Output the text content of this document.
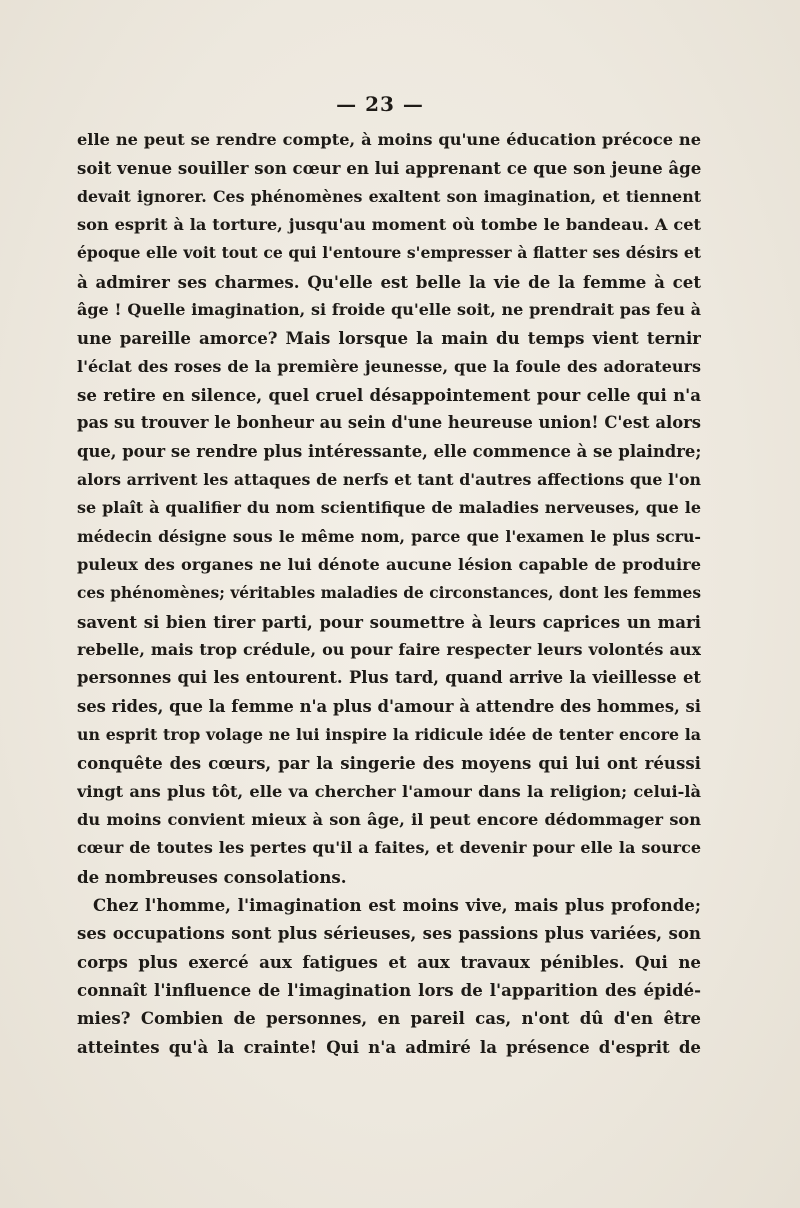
— 23 —
elle ne peut se rendre compte, à moins qu'une éducation précoce ne
soit venue souiller son cœur en lui apprenant ce que son jeune âge
devait ignorer. Ces phénomènes exaltent son imagination, et tiennent
son esprit à la torture, jusqu'au moment où tombe le bandeau. A cet
époque elle voit tout ce qui l'entoure s'empresser à flatter ses désirs et
à admirer ses charmes. Qu'elle est belle la vie de la femme à cet
âge ! Quelle imagination, si froide qu'elle soit, ne prendrait pas feu à
une pareille amorce? Mais lorsque la main du temps vient ternir
l'éclat des roses de la première jeunesse, que la foule des adorateurs
se retire en silence, quel cruel désappointement pour celle qui n'a
pas su trouver le bonheur au sein d'une heureuse union! C'est alors
que, pour se rendre plus intéressante, elle commence à se plaindre;
alors arrivent les attaques de nerfs et tant d'autres affections que l'on
se plaît à qualifier du nom scientifique de maladies nerveuses, que le
médecin désigne sous le même nom, parce que l'examen le plus scru-
puleux des organes ne lui dénote aucune lésion capable de produire
ces phénomènes; véritables maladies de circonstances, dont les femmes
savent si bien tirer parti, pour soumettre à leurs caprices un mari
rebelle, mais trop crédule, ou pour faire respecter leurs volontés aux
personnes qui les entourent. Plus tard, quand arrive la vieillesse et
ses rides, que la femme n'a plus d'amour à attendre des hommes, si
un esprit trop volage ne lui inspire la ridicule idée de tenter encore la
conquête des cœurs, par la singerie des moyens qui lui ont réussi
vingt ans plus tôt, elle va chercher l'amour dans la religion; celui-là
du moins convient mieux à son âge, il peut encore dédommager son
cœur de toutes les pertes qu'il a faites, et devenir pour elle la source
de nombreuses consolations.
Chez l'homme, l'imagination est moins vive, mais plus profonde;
ses occupations sont plus sérieuses, ses passions plus variées, son
corps plus exercé aux fatigues et aux travaux pénibles. Qui ne
connaît l'influence de l'imagination lors de l'apparition des épidé-
mies? Combien de personnes, en pareil cas, n'ont dû d'en être
atteintes qu'à la crainte! Qui n'a admiré la présence d'esprit de
